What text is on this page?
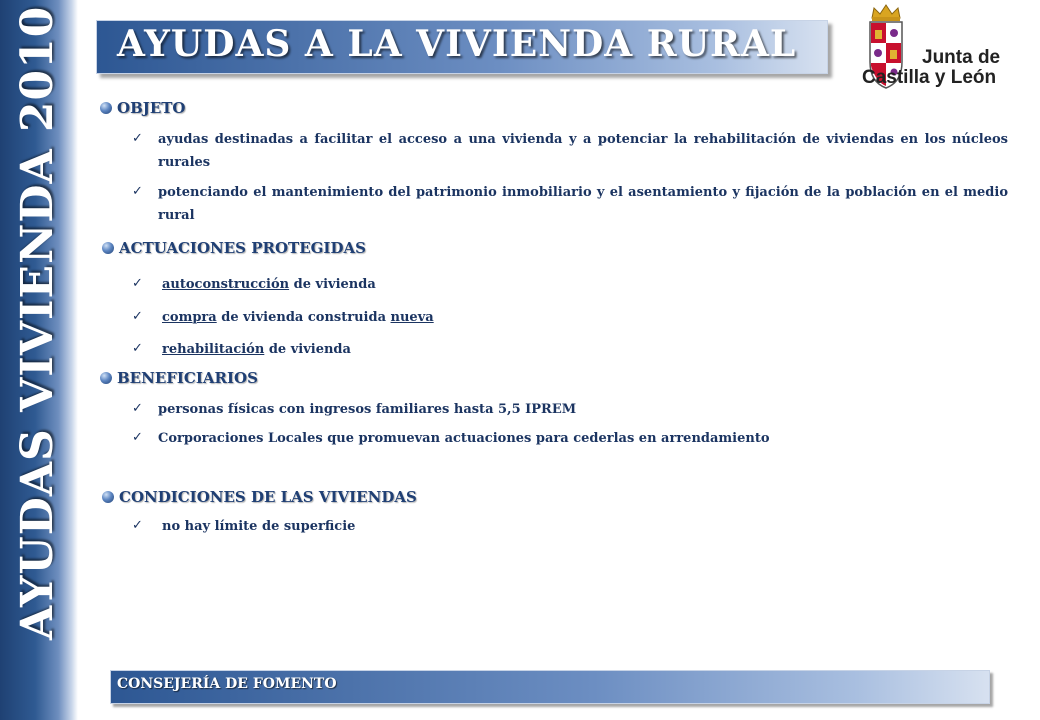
AYUDAS VIVIENDA 2010 AYUDAS A LA VIVIENDA RURAL	Junta de
Castilla y León
OBJETO
✓ ayudas destinadas a facilitar el acceso a una vivienda y a potenciar la rehabilitación de viviendas en los núcleos rurales
✓ potenciando el mantenimiento del patrimonio inmobiliario y el asentamiento y fijación de la población en el medio rural
ACTUACIONES PROTEGIDAS
✓ autoconstrucción de vivienda
✓ compra de vivienda construida nueva
✓ rehabilitación de vivienda
BENEFICIARIOS
✓ personas físicas con ingresos familiares hasta 5,5 IPREM
✓ Corporaciones Locales que promuevan actuaciones para cederlas en arrendamiento
CONDICIONES DE LAS VIVIENDAS
✓ no hay límite de superficie
CONSEJERÍA DE FOMENTO
